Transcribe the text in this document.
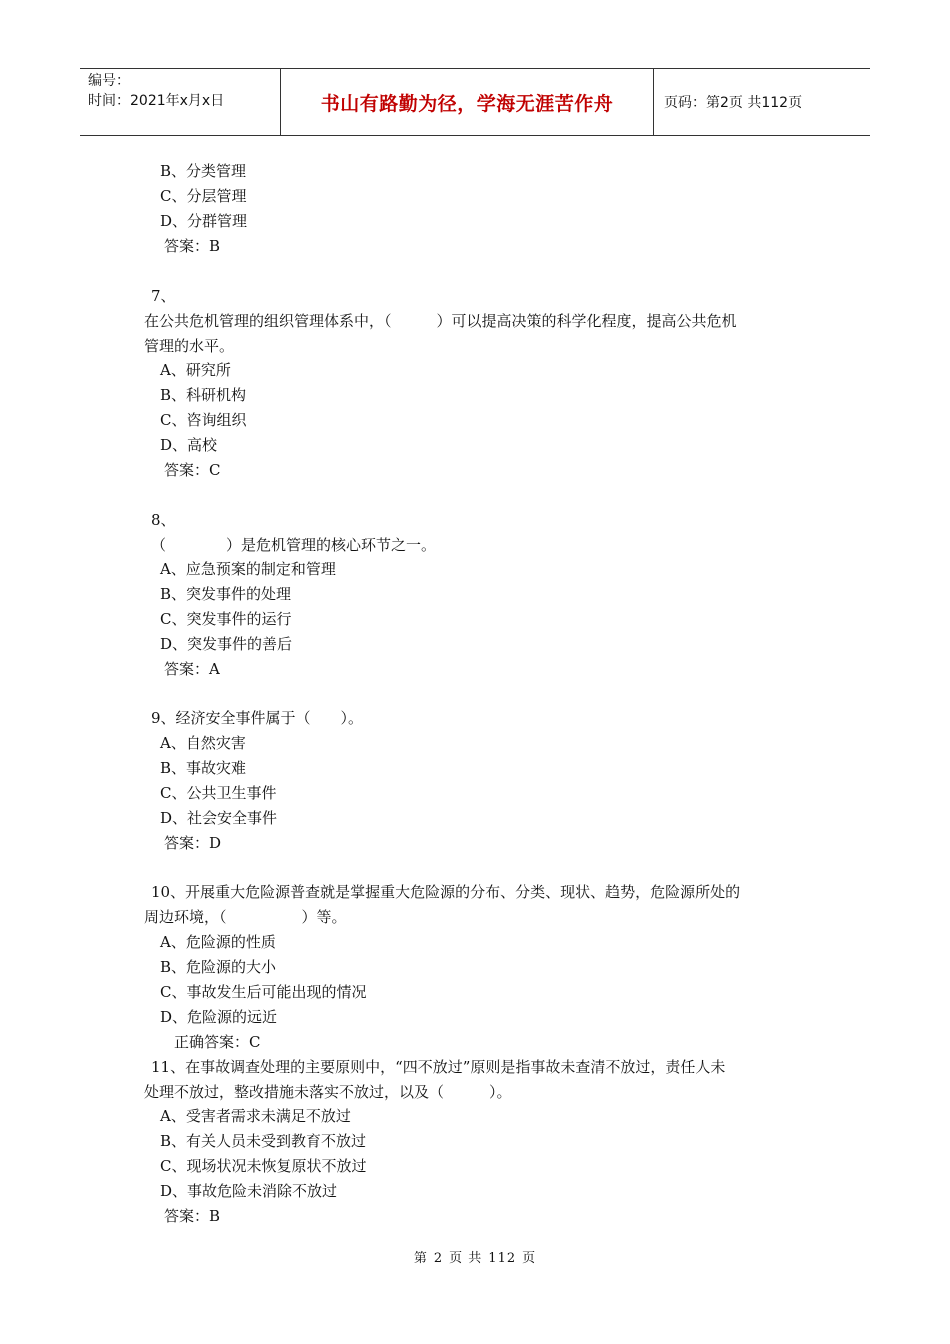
编号：
时间：2021年x月x日	书山有路勤为径，学海无涯苦作舟	页码：第2页 共112页
B、分类管理
C、分层管理
D、分群管理
答案：B
7、
在公共危机管理的组织管理体系中，（　　　）可以提高决策的科学化程度，提高公共危机
管理的水平。
A、研究所
B、科研机构
C、咨询组织
D、高校
答案：C
8、
（　　　　）是危机管理的核心环节之一。
A、应急预案的制定和管理
B、突发事件的处理
C、突发事件的运行
D、突发事件的善后
答案：A
9、经济安全事件属于（　　）。
A、自然灾害
B、事故灾难
C、公共卫生事件
D、社会安全事件
答案：D
10、开展重大危险源普查就是掌握重大危险源的分布、分类、现状、趋势，危险源所处的
周边环境，（　　　　　）等。
A、危险源的性质
B、危险源的大小
C、事故发生后可能出现的情况
D、危险源的远近
正确答案：C
11、在事故调查处理的主要原则中，“四不放过”原则是指事故未查清不放过，责任人未
处理不放过，整改措施未落实不放过，以及（　　　）。
A、受害者需求未满足不放过
B、有关人员未受到教育不放过
C、现场状况未恢复原状不放过
D、事故危险未消除不放过
答案：B
第 2 页 共 112 页
